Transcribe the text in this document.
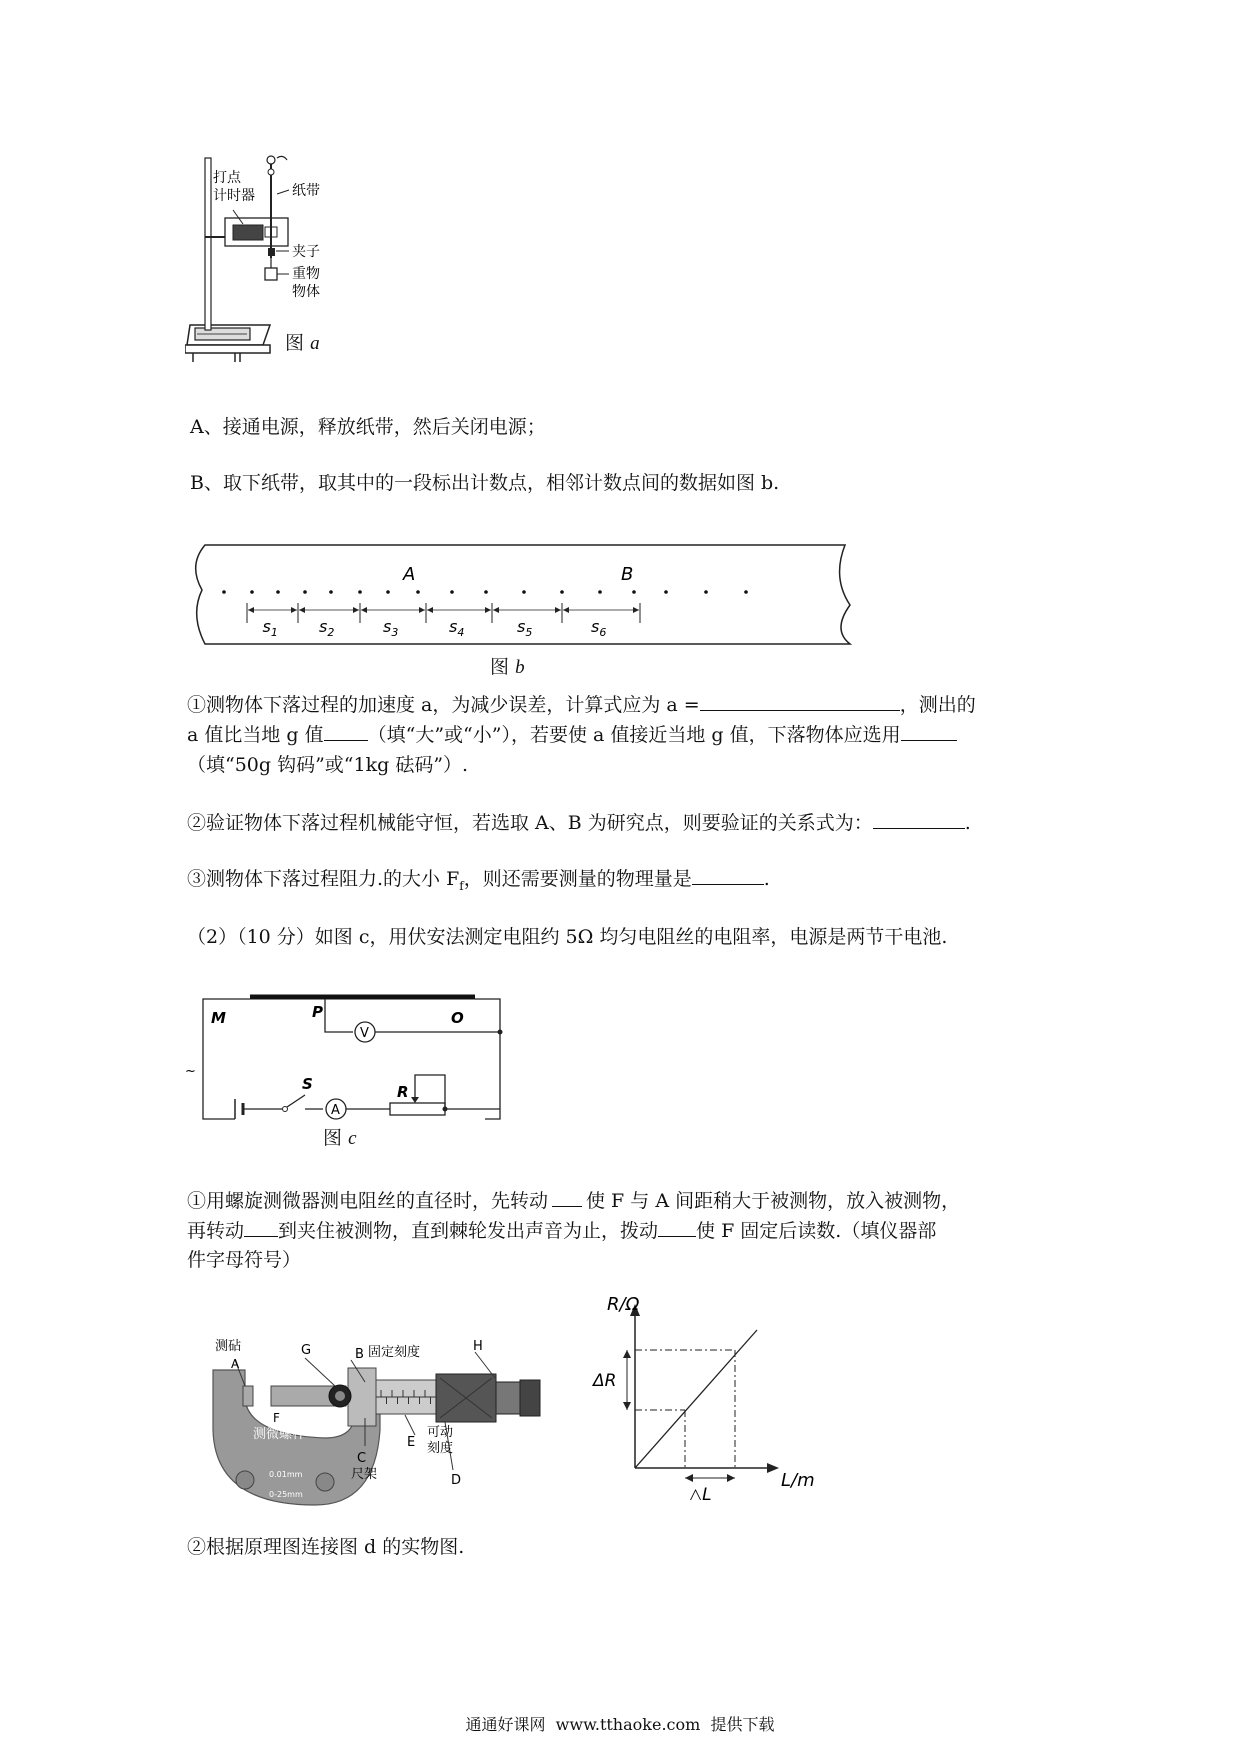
打点
计时器	纸带
夹子
重物
物体
图 a
A、接通电源，释放纸带，然后关闭电源；
B、取下纸带，取其中的一段标出计数点，相邻计数点间的数据如图 b.
$s_1$	$s_2$	$s_3$	$s_4$	$s_5$	$s_6$
A	B
图 b
①测物体下落过程的加速度 a，为减少误差，计算式应为 a =	，测出的
a 值比当地 g 值 （填“大”或“小”），若要使 a 值接近当地 g 值，下落物体应选用
（填“50g 钩码”或“1kg 砝码”）.
②验证物体下落过程机械能守恒，若选取 A、B 为研究点，则要验证的关系式为：	.
③测物体下落过程阻力.的大小 $F_f$，则还需要测量的物理量是	.
（2）（10 分）如图 c，用伏安法测定电阻约 5Ω 均匀电阻丝的电阻率，电源是两节干电池.
A
V
M	P	O
S	R
~
图 c
①用螺旋测微器测电阻丝的直径时，先转动 使 F 与 A 间距稍大于被测物，放入被测物，
再转动 到夹住被测物，直到棘轮发出声音为止，拨动 使 F 固定后读数.（填仪器部
件字母符号）
测砧
A
G	B 固定刻度	H
F
测微螺杆
E
可动
刻度
C
尺架	D
0.01mm
0-25mm
R/Ω
L/m
ΔR
△L
②根据原理图连接图 d 的实物图.
通通好课网  www.tthaoke.com  提供下载
